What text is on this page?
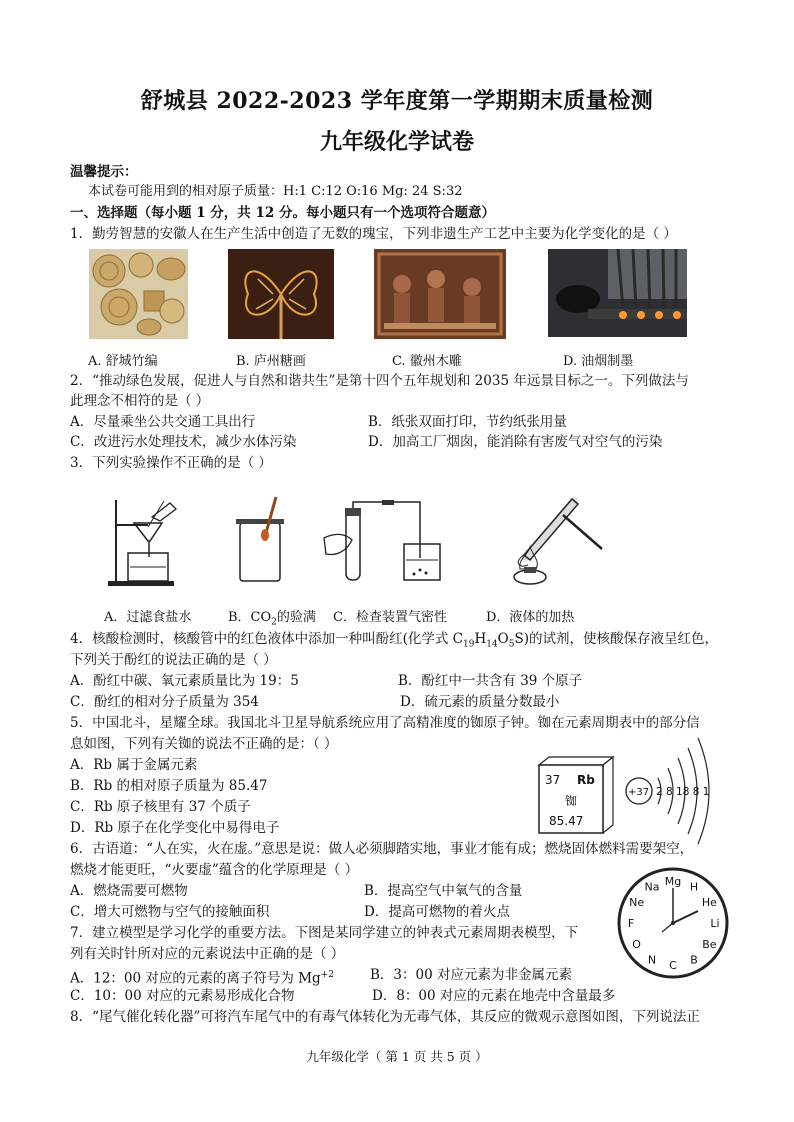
舒城县 2022-2023 学年度第一学期期末质量检测
九年级化学试卷
温馨提示：
本试卷可能用到的相对原子质量：H:1 C:12 O:16 Mg: 24 S:32
一、选择题（每小题 1 分，共 12 分。每小题只有一个选项符合题意）
1．勤劳智慧的安徽人在生产生活中创造了无数的瑰宝，下列非遗生产工艺中主要为化学变化的是（ ）
A. 舒城竹编	B. 庐州糖画	C. 徽州木雕	D. 油烟制墨
2．“推动绿色发展，促进人与自然和谐共生”是第十四个五年规划和 2035 年远景目标之一。下列做法与
此理念不相符的是（ ）
A．尽量乘坐公共交通工具出行	B．纸张双面打印，节约纸张用量
C．改进污水处理技术，减少水体污染	D．加高工厂烟囱，能消除有害废气对空气的污染
3．下列实验操作不正确的是（ ）
A．过滤食盐水	B．$CO_2$的验满 C．检查装置气密性	D．液体的加热
4．核酸检测时，核酸管中的红色液体中添加一种叫酚红(化学式 $C_{19}H_{14}O_5S$)的试剂，使核酸保存液呈红色，
下列关于酚红的说法正确的是（ ）
A．酚红中碳、氧元素质量比为 19：5	B．酚红中一共含有 39 个原子
C．酚红的相对分子质量为 354	D．硫元素的质量分数最小
5．中国北斗，星耀全球。我国北斗卫星导航系统应用了高精准度的铷原子钟。铷在元素周期表中的部分信
息如图，下列有关铷的说法不正确的是：（ ）
A．Rb 属于金属元素
B．Rb 的相对原子质量为 85.47
C．Rb 原子核里有 37 个质子
D．Rb 原子在化学变化中易得电子
37 Rb
铷
85.47
+37 2 8 18 8 1
6．古语道：“人在实，火在虚。”意思是说：做人必须脚踏实地，事业才能有成；燃烧固体燃料需要架空，
燃烧才能更旺，“火要虚”蕴含的化学原理是（ ）
A．燃烧需要可燃物	B．提高空气中氧气的含量
C．增大可燃物与空气的接触面积	D．提高可燃物的着火点
7．建立模型是学习化学的重要方法。下图是某同学建立的钟表式元素周期表模型，下
列有关时针所对应的元素说法中正确的是（ ）
A．12：00 对应的元素的离子符号为 $Mg^{+2}$	B．3：00 对应元素为非金属元素
C．10：00 对应的元素易形成化合物	D．8：00 对应的元素在地壳中含量最多
Mg H
He
Li
Be
B
C
N
O
F
Ne
Na
8．“尾气催化转化器”可将汽车尾气中的有毒气体转化为无毒气体，其反应的微观示意图如图，下列说法正
九年级化学（ 第 1 页 共 5 页 ）
